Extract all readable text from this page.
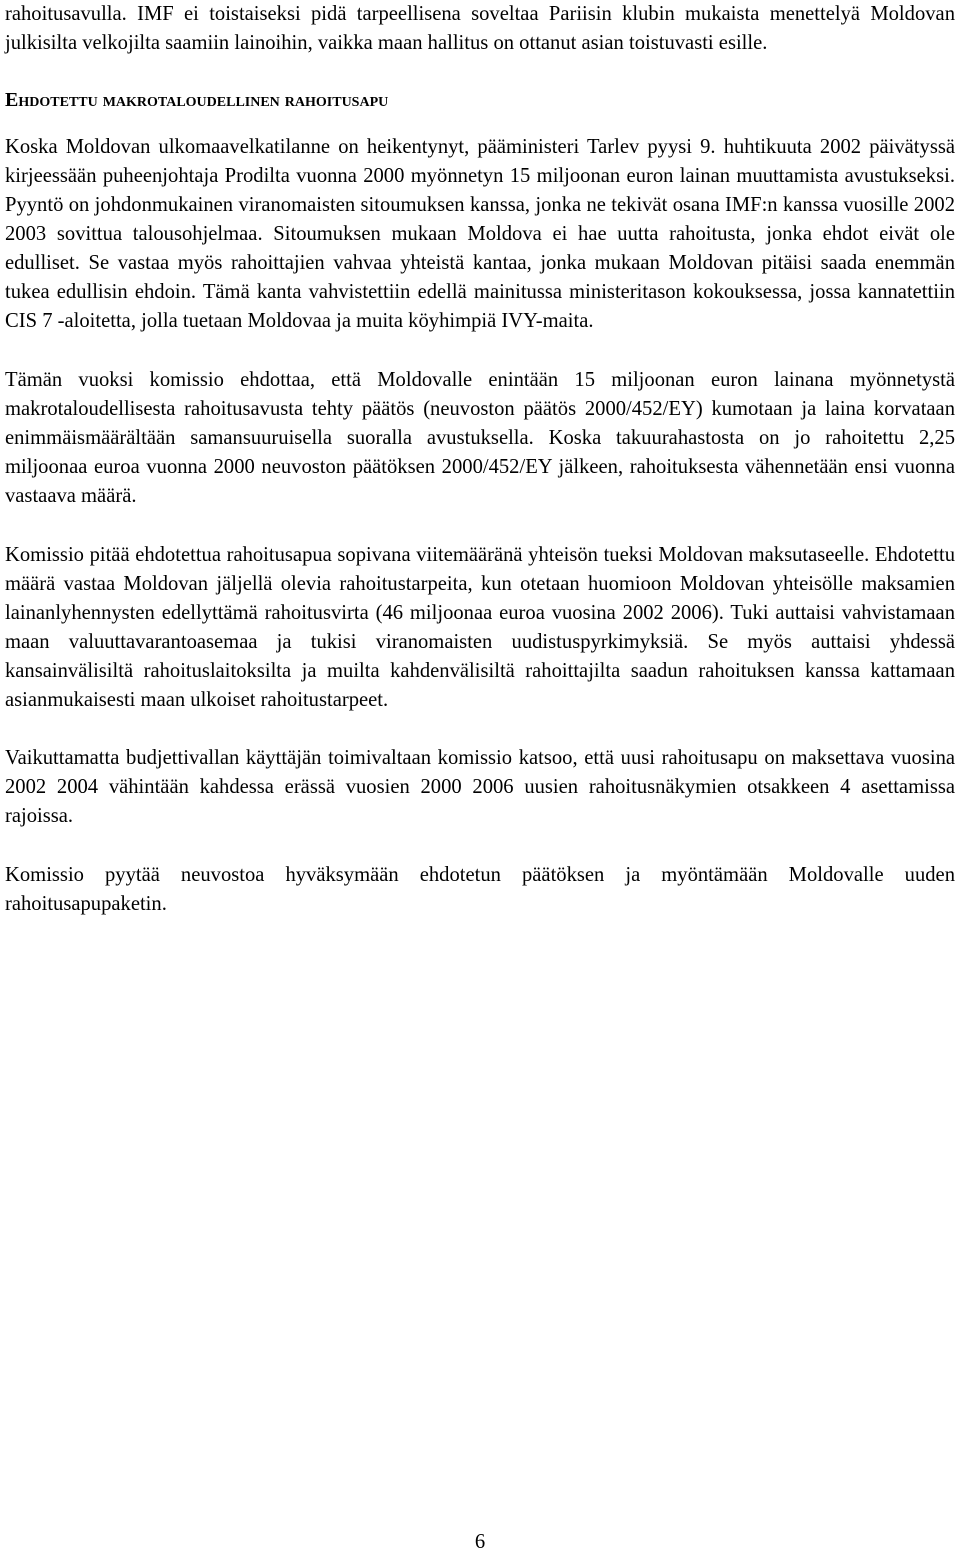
rahoitusavulla. IMF ei toistaiseksi pidä tarpeellisena soveltaa Pariisin klubin mukaista menettelyä Moldovan julkisilta velkojilta saamiin lainoihin, vaikka maan hallitus on ottanut asian toistuvasti esille.

Ehdotettu makrotaloudellinen rahoitusapu

Koska Moldovan ulkomaavelkatilanne on heikentynyt, pääministeri Tarlev pyysi 9. huhtikuuta 2002 päivätyssä kirjeessään puheenjohtaja Prodilta vuonna 2000 myönnetyn 15 miljoonan euron lainan muuttamista avustukseksi. Pyyntö on johdonmukainen viranomaisten sitoumuksen kanssa, jonka ne tekivät osana IMF:n kanssa vuosille 2002 2003 sovittua talousohjelmaa. Sitoumuksen mukaan Moldova ei hae uutta rahoitusta, jonka ehdot eivät ole edulliset. Se vastaa myös rahoittajien vahvaa yhteistä kantaa, jonka mukaan Moldovan pitäisi saada enemmän tukea edullisin ehdoin. Tämä kanta vahvistettiin edellä mainitussa ministeritason kokouksessa, jossa kannatettiin CIS 7 -aloitetta, jolla tuetaan Moldovaa ja muita köyhimpiä IVY-maita.

Tämän vuoksi komissio ehdottaa, että Moldovalle enintään 15 miljoonan euron lainana myönnetystä makrotaloudellisesta rahoitusavusta tehty päätös (neuvoston päätös 2000/452/EY) kumotaan ja laina korvataan enimmäismäärältään samansuuruisella suoralla avustuksella. Koska takuurahastosta on jo rahoitettu 2,25 miljoonaa euroa vuonna 2000 neuvoston päätöksen 2000/452/EY jälkeen, rahoituksesta vähennetään ensi vuonna vastaava määrä.

Komissio pitää ehdotettua rahoitusapua sopivana viitemääränä yhteisön tueksi Moldovan maksutaseelle. Ehdotettu määrä vastaa Moldovan jäljellä olevia rahoitustarpeita, kun otetaan huomioon Moldovan yhteisölle maksamien lainanlyhennysten edellyttämä rahoitusvirta (46 miljoonaa euroa vuosina 2002 2006). Tuki auttaisi vahvistamaan maan valuuttavarantoasemaa ja tukisi viranomaisten uudistuspyrkimyksiä. Se myös auttaisi yhdessä kansainvälisiltä rahoituslaitoksilta ja muilta kahdenvälisiltä rahoittajilta saadun rahoituksen kanssa kattamaan asianmukaisesti maan ulkoiset rahoitustarpeet.

Vaikuttamatta budjettivallan käyttäjän toimivaltaan komissio katsoo, että uusi rahoitusapu on maksettava vuosina 2002 2004 vähintään kahdessa erässä vuosien 2000 2006 uusien rahoitusnäkymien otsakkeen 4 asettamissa rajoissa.

Komissio pyytää neuvostoa hyväksymään ehdotetun päätöksen ja myöntämään Moldovalle uuden rahoitusapupaketin.

6
